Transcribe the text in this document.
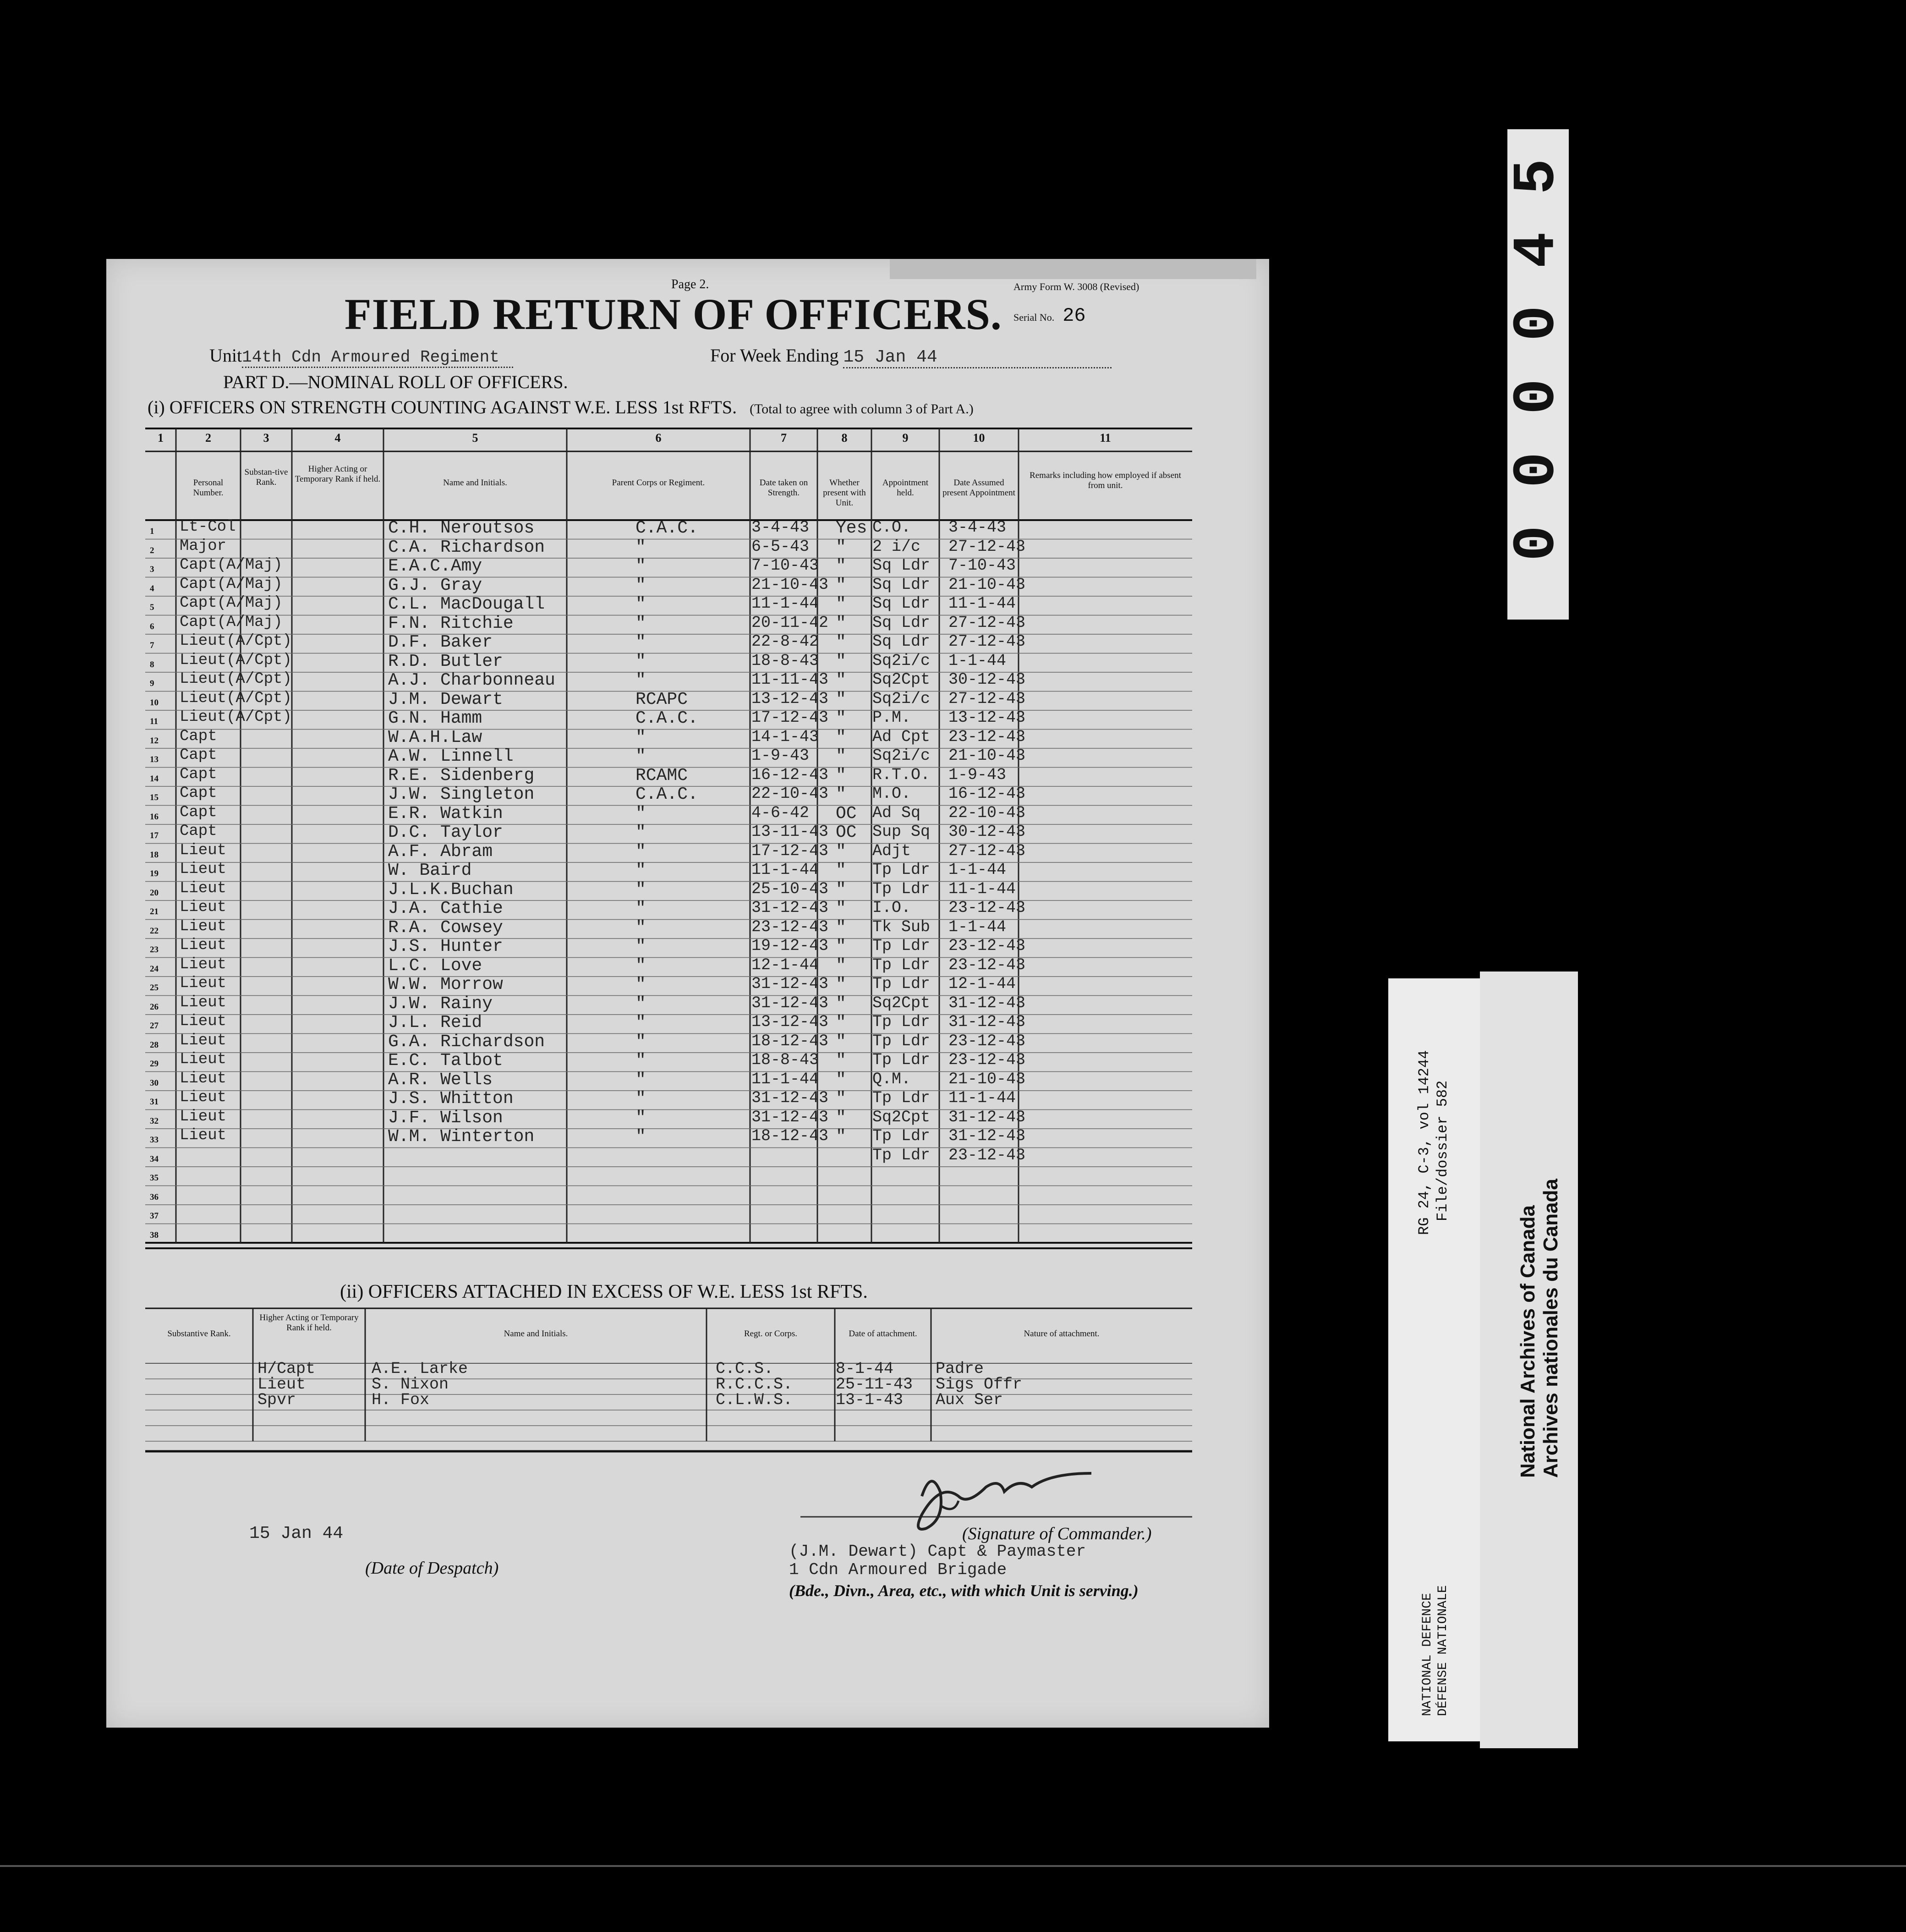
Page 2.	Army Form W. 3008 (Revised)
Serial No. 26
FIELD RETURN OF OFFICERS.
Unit14th Cdn Armoured Regiment	For Week Ending 15 Jan 44
PART D.—NOMINAL ROLL OF OFFICERS.
(i) OFFICERS ON STRENGTH COUNTING AGAINST W.E. LESS 1st RFTS. (Total to agree with column 3 of Part A.)
1	2	3	4	5	6	7	8	9	10	11
Personal Number.
Substan-tive Rank.
Higher Acting or Temporary Rank if held.	Name and Initials.	Parent Corps or Regiment.	Date taken on Strength.
Whether present with Unit.
Appointment held.
Date Assumed present Appointment
Remarks including how employed if absent from unit.
1 Lt-Col	C.H. Neroutsos	C.A.C.	3-4-43 Yes C.O. 3-4-43
2 Major	C.A. Richardson	"	6-5-43 " 2 i/c 27-12-43
3 Capt(A/Maj)	E.A.C.Amy	"	7-10-43 " Sq Ldr 7-10-43
4 Capt(A/Maj)	G.J. Gray	"	21-10-43 " Sq Ldr 21-10-43
5 Capt(A/Maj)	C.L. MacDougall	"	11-1-44 " Sq Ldr 11-1-44
6 Capt(A/Maj)	F.N. Ritchie	"	20-11-42 " Sq Ldr 27-12-43
7 Lieut(A/Cpt)	D.F. Baker	"	22-8-42 " Sq Ldr 27-12-43
8 Lieut(A/Cpt)	R.D. Butler	"	18-8-43 " Sq2i/c 1-1-44
9 Lieut(A/Cpt)	A.J. Charbonneau	"	11-11-43 " Sq2Cpt 30-12-43
10 Lieut(A/Cpt)	J.M. Dewart	RCAPC	13-12-43 " Sq2i/c 27-12-43
11 Lieut(A/Cpt)	G.N. Hamm	C.A.C.	17-12-43 " P.M. 13-12-43
12 Capt	W.A.H.Law	"	14-1-43 " Ad Cpt 23-12-43
13 Capt	A.W. Linnell	"	1-9-43 " Sq2i/c 21-10-43
14 Capt	R.E. Sidenberg	RCAMC	16-12-43 " R.T.O. 1-9-43
15 Capt	J.W. Singleton	C.A.C.	22-10-43 " M.O. 16-12-43
16 Capt	E.R. Watkin	"	4-6-42 OC Ad Sq 22-10-43
17 Capt	D.C. Taylor	"	13-11-43 OC Sup Sq 30-12-43
18 Lieut	A.F. Abram	"	17-12-43 " Adjt 27-12-43
19 Lieut	W. Baird	"	11-1-44 " Tp Ldr 1-1-44
20 Lieut	J.L.K.Buchan	"	25-10-43 " Tp Ldr 11-1-44
21 Lieut	J.A. Cathie	"	31-12-43 " I.O. 23-12-43
22 Lieut	R.A. Cowsey	"	23-12-43 " Tk Sub 1-1-44
23 Lieut	J.S. Hunter	"	19-12-43 " Tp Ldr 23-12-43
24 Lieut	L.C. Love	"	12-1-44 " Tp Ldr 23-12-43
25 Lieut	W.W. Morrow	"	31-12-43 " Tp Ldr 12-1-44
26 Lieut	J.W. Rainy	"	31-12-43 " Sq2Cpt 31-12-43
27 Lieut	J.L. Reid	"	13-12-43 " Tp Ldr 31-12-43
28 Lieut	G.A. Richardson	"	18-12-43 " Tp Ldr 23-12-43
29 Lieut	E.C. Talbot	"	18-8-43 " Tp Ldr 23-12-43
30 Lieut	A.R. Wells	"	11-1-44 " Q.M. 21-10-43
31 Lieut	J.S. Whitton	"	31-12-43 " Tp Ldr 11-1-44
32 Lieut	J.F. Wilson	"	31-12-43 " Sq2Cpt 31-12-43
33 Lieut	W.M. Winterton	"	18-12-43 " Tp Ldr 31-12-43
34	Tp Ldr 23-12-43
35
36
37
38
(ii) OFFICERS ATTACHED IN EXCESS OF W.E. LESS 1st RFTS.
Substantive Rank.
Higher Acting or Temporary Rank if held.
Name and Initials.	Regt. or Corps.	Date of attachment.	Nature of attachment.
H/Capt	A.E. Larke	C.C.S.	8-1-44	Padre
Lieut	S. Nixon	R.C.C.S.	25-11-43 Sigs Offr
Spvr	H. Fox	C.L.W.S.	13-1-43 Aux Ser
15 Jan 44
(Date of Despatch)
(Signature of Commander.)
(J.M. Dewart) Capt & Paymaster
1 Cdn Armoured Brigade
(Bde., Divn., Area, etc., with which Unit is serving.)
5
4
0
0
0
0
RG 24, C-3, vol 14244 File/dossier 582
NATIONAL DEFENCE DÉFENSE NATIONALE
National Archives of Canada Archives nationales du Canada
